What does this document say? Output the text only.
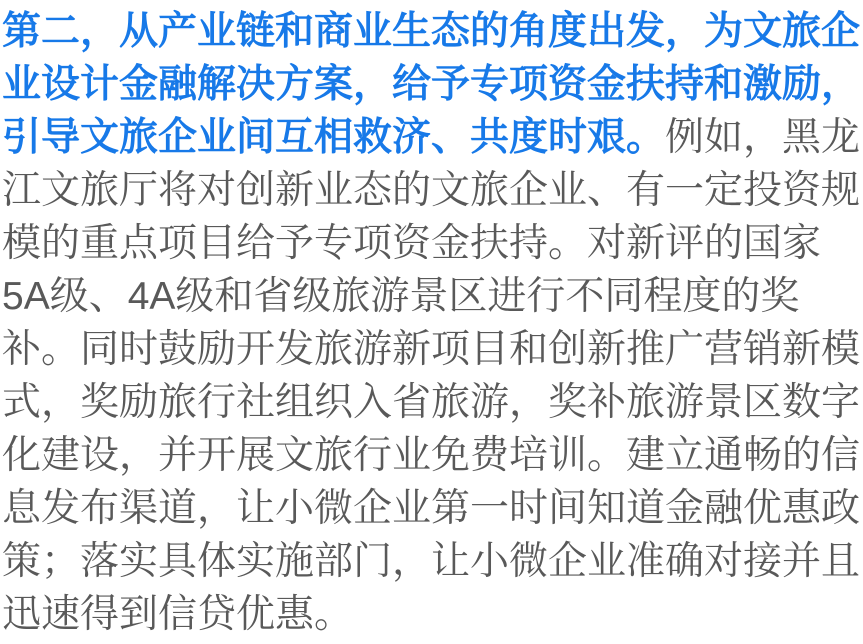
第二，从产业链和商业生态的角度出发，为文旅企业设计金融解决方案，给予专项资金扶持和激励，引导文旅企业间互相救济、共度时艰。例如，黑龙江文旅厅将对创新业态的文旅企业、有一定投资规模的重点项目给予专项资金扶持。对新评的国家5A级、4A级和省级旅游景区进行不同程度的奖补。同时鼓励开发旅游新项目和创新推广营销新模式，奖励旅行社组织入省旅游，奖补旅游景区数字化建设，并开展文旅行业免费培训。建立通畅的信息发布渠道，让小微企业第一时间知道金融优惠政策；落实具体实施部门，让小微企业准确对接并且迅速得到信贷优惠。
